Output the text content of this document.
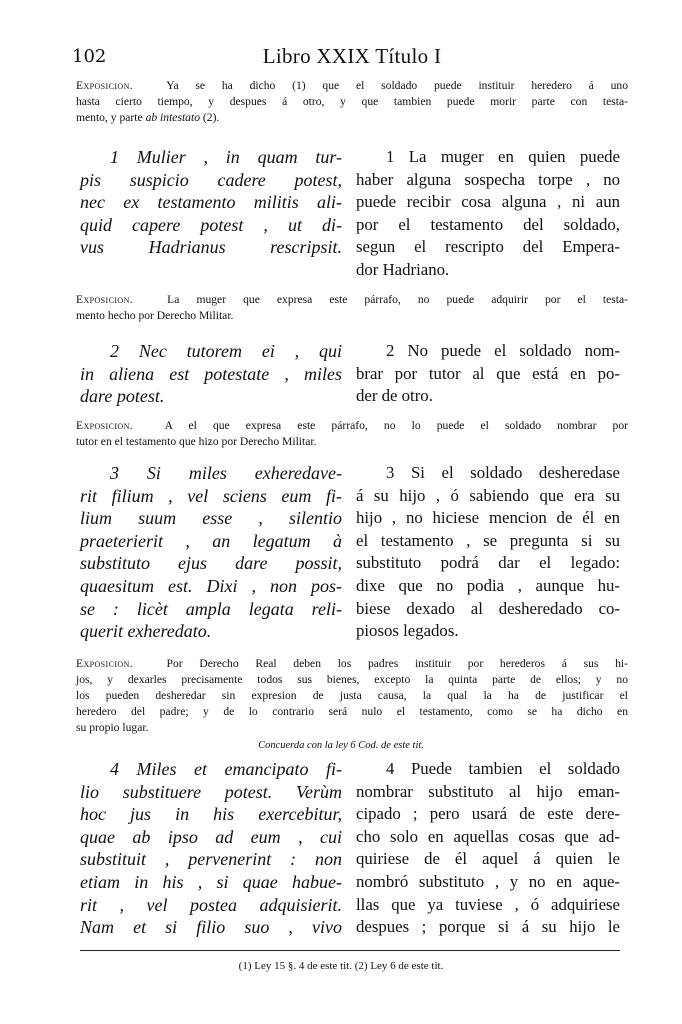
102	Libro XXIX Título I
Exposicion.	Ya se ha dicho (1) que el soldado puede instituir heredero á uno
hasta cierto tiempo, y despues á otro, y que tambien puede morir parte con testa-
mento, y parte ab intestato (2).
1 Mulier , in quam tur-
pis suspicio cadere potest,
nec ex testamento militis ali-
quid capere potest , ut di-
vus Hadrianus rescripsit.
1 La muger en quien puede
haber alguna sospecha torpe , no
puede recibir cosa alguna , ni aun
por el testamento del soldado,
segun el rescripto del Empera-
dor Hadriano.
Exposicion.	La muger que expresa este párrafo, no puede adquirir por el testa-
mento hecho por Derecho Militar.
2 Nec tutorem ei , qui
in aliena est potestate , miles
dare potest.
2 No puede el soldado nom-
brar por tutor al que está en po-
der de otro.
Exposicion.	A el que expresa este párrafo, no lo puede el soldado nombrar por
tutor en el testamento que hizo por Derecho Militar.
3 Si miles exheredave-
rit filium , vel sciens eum fi-
lium suum esse , silentio
praeterierit , an legatum à
substituto ejus dare possit,
quaesitum est. Dixi , non pos-
se : licèt ampla legata reli-
querit exheredato.
3 Si el soldado desheredase
á su hijo , ó sabiendo que era su
hijo , no hiciese mencion de él en
el testamento , se pregunta si su
substituto podrá dar el legado:
dixe que no podia , aunque hu-
biese dexado al desheredado co-
piosos legados.
Exposicion.	Por Derecho Real deben los padres instituir por herederos á sus hi-
jos, y dexarles precisamente todos sus bienes, excepto la quinta parte de ellos; y no
los pueden desheredar sin expresion de justa causa, la qual la ha de justificar el
heredero del padre; y de lo contrario será nulo el testamento, como se ha dicho en
su propio lugar.
Concuerda con la ley 6 Cod. de este tit.
4 Miles et emancipato fi-
lio substituere potest. Verùm
hoc jus in his exercebitur,
quae ab ipso ad eum , cui
substituit , pervenerint : non
etiam in his , si quae habue-
rit , vel postea adquisierit.
Nam et si filio suo , vivo
4 Puede tambien el soldado
nombrar substituto al hijo eman-
cipado ; pero usará de este dere-
cho solo en aquellas cosas que ad-
quiriese de él aquel á quien le
nombró substituto , y no en aque-
llas que ya tuviese , ó adquiriese
despues ; porque si á su hijo le
(1) Ley 15 §. 4 de este tit. (2) Ley 6 de este tit.
